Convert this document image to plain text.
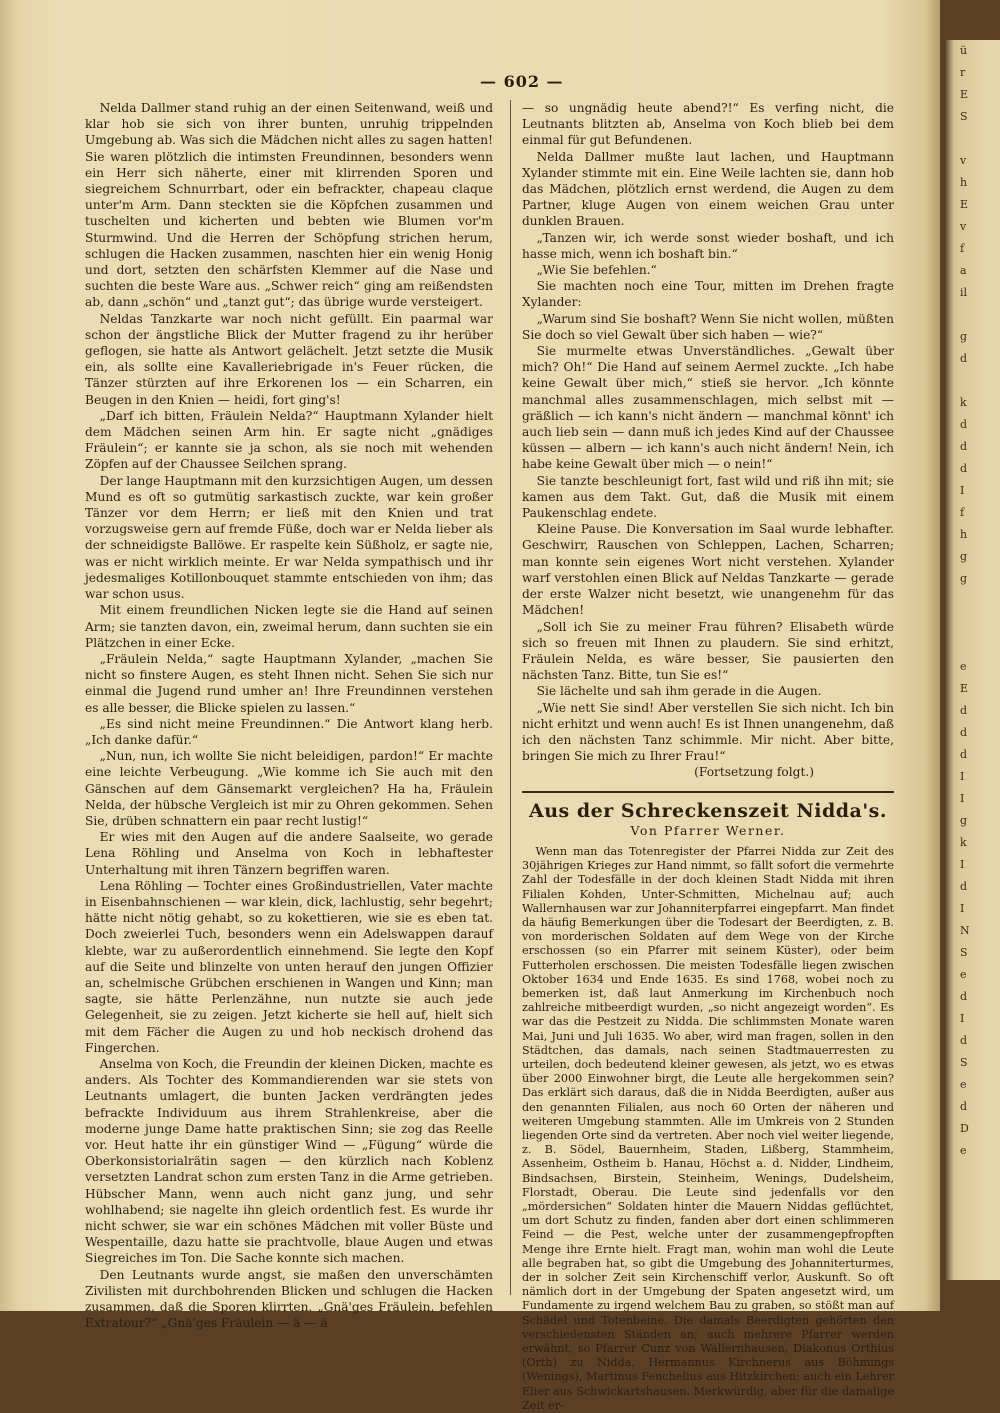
— 602 —

Nelda Dallmer stand ruhig an der einen Seitenwand, weiß und klar hob sie sich von ihrer bunten, unruhig trippelnden Umgebung ab. Was sich die Mädchen nicht alles zu sagen hatten! Sie waren plötzlich die intimsten Freundinnen, besonders wenn ein Herr sich näherte, einer mit klirrenden Sporen und siegreichem Schnurrbart, oder ein befrackter, chapeau claque unter'm Arm. Dann steckten sie die Köpfchen zusammen und tuschelten und kicherten und bebten wie Blumen vor'm Sturmwind. Und die Herren der Schöpfung strichen herum, schlugen die Hacken zusammen, naschten hier ein wenig Honig und dort, setzten den schärfsten Klemmer auf die Nase und suchten die beste Ware aus. „Schwer reich“ ging am reißendsten ab, dann „schön“ und „tanzt gut“; das übrige wurde versteigert.

Neldas Tanzkarte war noch nicht gefüllt. Ein paarmal war schon der ängstliche Blick der Mutter fragend zu ihr herüber geflogen, sie hatte als Antwort gelächelt. Jetzt setzte die Musik ein, als sollte eine Kavalleriebrigade in's Feuer rücken, die Tänzer stürzten auf ihre Erkorenen los — ein Scharren, ein Beugen in den Knien — heidi, fort ging's!

„Darf ich bitten, Fräulein Nelda?“ Hauptmann Xylander hielt dem Mädchen seinen Arm hin. Er sagte nicht „gnädiges Fräulein“; er kannte sie ja schon, als sie noch mit wehenden Zöpfen auf der Chaussee Seilchen sprang.

Der lange Hauptmann mit den kurzsichtigen Augen, um dessen Mund es oft so gutmütig sarkastisch zuckte, war kein großer Tänzer vor dem Herrn; er ließ mit den Knien und trat vorzugsweise gern auf fremde Füße, doch war er Nelda lieber als der schneidigste Ballöwe. Er raspelte kein Süßholz, er sagte nie, was er nicht wirklich meinte. Er war Nelda sympathisch und ihr jedesmaliges Kotillonbouquet stammte entschieden von ihm; das war schon usus.

Mit einem freundlichen Nicken legte sie die Hand auf seinen Arm; sie tanzten davon, ein, zweimal herum, dann suchten sie ein Plätzchen in einer Ecke.

„Fräulein Nelda,“ sagte Hauptmann Xylander, „machen Sie nicht so finstere Augen, es steht Ihnen nicht. Sehen Sie sich nur einmal die Jugend rund umher an! Ihre Freundinnen verstehen es alle besser, die Blicke spielen zu lassen.“

„Es sind nicht meine Freundinnen.“ Die Antwort klang herb. „Ich danke dafür.“

„Nun, nun, ich wollte Sie nicht beleidigen, pardon!“ Er machte eine leichte Verbeugung. „Wie komme ich Sie auch mit den Gänschen auf dem Gänsemarkt vergleichen? Ha ha, Fräulein Nelda, der hübsche Vergleich ist mir zu Ohren gekommen. Sehen Sie, drüben schnattern ein paar recht lustig!“

Er wies mit den Augen auf die andere Saalseite, wo gerade Lena Röhling und Anselma von Koch in lebhaftester Unterhaltung mit ihren Tänzern begriffen waren.

Lena Röhling — Tochter eines Großindustriellen, Vater machte in Eisenbahnschienen — war klein, dick, lachlustig, sehr begehrt; hätte nicht nötig gehabt, so zu kokettieren, wie sie es eben tat. Doch zweierlei Tuch, besonders wenn ein Adelswappen darauf klebte, war zu außerordentlich einnehmend. Sie legte den Kopf auf die Seite und blinzelte von unten herauf den jungen Offizier an, schelmische Grübchen erschienen in Wangen und Kinn; man sagte, sie hätte Perlenzähne, nun nutzte sie auch jede Gelegenheit, sie zu zeigen. Jetzt kicherte sie hell auf, hielt sich mit dem Fächer die Augen zu und hob neckisch drohend das Fingerchen.

Anselma von Koch, die Freundin der kleinen Dicken, machte es anders. Als Tochter des Kommandierenden war sie stets von Leutnants umlagert, die bunten Jacken verdrängten jedes befrackte Individuum aus ihrem Strahlenkreise, aber die moderne junge Dame hatte praktischen Sinn; sie zog das Reelle vor. Heut hatte ihr ein günstiger Wind — „Fügung“ würde die Oberkonsistorialrätin sagen — den kürzlich nach Koblenz versetzten Landrat schon zum ersten Tanz in die Arme getrieben. Hübscher Mann, wenn auch nicht ganz jung, und sehr wohlhabend; sie nagelte ihn gleich ordentlich fest. Es wurde ihr nicht schwer, sie war ein schönes Mädchen mit voller Büste und Wespentaille, dazu hatte sie prachtvolle, blaue Augen und etwas Siegreiches im Ton. Die Sache konnte sich machen.

Den Leutnants wurde angst, sie maßen den unverschämten Zivilisten mit durchbohrenden Blicken und schlugen die Hacken zusammen, daß die Sporen klirrten. „Gnä'ges Fräulein, befehlen Extratour?“ „Gnä'ges Fräulein — ä — ä

— so ungnädig heute abend?!“ Es verfing nicht, die Leutnants blitzten ab, Anselma von Koch blieb bei dem einmal für gut Befundenen.

Nelda Dallmer mußte laut lachen, und Hauptmann Xylander stimmte mit ein. Eine Weile lachten sie, dann hob das Mädchen, plötzlich ernst werdend, die Augen zu dem Partner, kluge Augen von einem weichen Grau unter dunklen Brauen.

„Tanzen wir, ich werde sonst wieder boshaft, und ich hasse mich, wenn ich boshaft bin.“

„Wie Sie befehlen.“

Sie machten noch eine Tour, mitten im Drehen fragte Xylander:

„Warum sind Sie boshaft? Wenn Sie nicht wollen, müßten Sie doch so viel Gewalt über sich haben — wie?“

Sie murmelte etwas Unverständliches. „Gewalt über mich? Oh!“ Die Hand auf seinem Aermel zuckte. „Ich habe keine Gewalt über mich,“ stieß sie hervor. „Ich könnte manchmal alles zusammenschlagen, mich selbst mit — gräßlich — ich kann's nicht ändern — manchmal könnt' ich auch lieb sein — dann muß ich jedes Kind auf der Chaussee küssen — albern — ich kann's auch nicht ändern! Nein, ich habe keine Gewalt über mich — o nein!“

Sie tanzte beschleunigt fort, fast wild und riß ihn mit; sie kamen aus dem Takt. Gut, daß die Musik mit einem Paukenschlag endete.

Kleine Pause. Die Konversation im Saal wurde lebhafter. Geschwirr, Rauschen von Schleppen, Lachen, Scharren; man konnte sein eigenes Wort nicht verstehen. Xylander warf verstohlen einen Blick auf Neldas Tanzkarte — gerade der erste Walzer nicht besetzt, wie unangenehm für das Mädchen!

„Soll ich Sie zu meiner Frau führen? Elisabeth würde sich so freuen mit Ihnen zu plaudern. Sie sind erhitzt, Fräulein Nelda, es wäre besser, Sie pausierten den nächsten Tanz. Bitte, tun Sie es!“

Sie lächelte und sah ihm gerade in die Augen.

„Wie nett Sie sind! Aber verstellen Sie sich nicht. Ich bin nicht erhitzt und wenn auch! Es ist Ihnen unangenehm, daß ich den nächsten Tanz schimmle. Mir nicht. Aber bitte, bringen Sie mich zu Ihrer Frau!“

(Fortsetzung folgt.)

Aus der Schreckenszeit Nidda's.
Von Pfarrer Werner.

Wenn man das Totenregister der Pfarrei Nidda zur Zeit des 30jährigen Krieges zur Hand nimmt, so fällt sofort die vermehrte Zahl der Todesfälle in der doch kleinen Stadt Nidda mit ihren Filialen Kohden, Unter-Schmitten, Michelnau auf; auch Wallernhausen war zur Johanniterpfarrei eingepfarrt. Man findet da häufig Bemerkungen über die Todesart der Beerdigten, z. B. von morderischen Soldaten auf dem Wege von der Kirche erschossen (so ein Pfarrer mit seinem Küster), oder beim Futterholen erschossen. Die meisten Todesfälle liegen zwischen Oktober 1634 und Ende 1635. Es sind 1768, wobei noch zu bemerken ist, daß laut Anmerkung im Kirchenbuch noch zahlreiche mitbeerdigt wurden, „so nicht angezeigt worden“. Es war das die Pestzeit zu Nidda. Die schlimmsten Monate waren Mai, Juni und Juli 1635. Wo aber, wird man fragen, sollen in den Städtchen, das damals, nach seinen Stadtmauerresten zu urteilen, doch bedeutend kleiner gewesen, als jetzt, wo es etwas über 2000 Einwohner birgt, die Leute alle hergekommen sein? Das erklärt sich daraus, daß die in Nidda Beerdigten, außer aus den genannten Filialen, aus noch 60 Orten der näheren und weiteren Umgebung stammten. Alle im Umkreis von 2 Stunden liegenden Orte sind da vertreten. Aber noch viel weiter liegende, z. B. Södel, Bauernheim, Staden, Lißberg, Stammheim, Assenheim, Ostheim b. Hanau, Höchst a. d. Nidder, Lindheim, Bindsachsen, Birstein, Steinheim, Wenings, Dudelsheim, Florstadt, Oberau. Die Leute sind jedenfalls vor den „mördersichen“ Soldaten hinter die Mauern Niddas geflüchtet, um dort Schutz zu finden, fanden aber dort einen schlimmeren Feind — die Pest, welche unter der zusammengepfropften Menge ihre Ernte hielt. Fragt man, wohin man wohl die Leute alle begraben hat, so gibt die Umgebung des Johanniterturmes, der in solcher Zeit sein Kirchenschiff verlor, Auskunft. So oft nämlich dort in der Umgebung der Spaten angesetzt wird, um Fundamente zu irgend welchem Bau zu graben, so stößt man auf Schädel und Totenbeine. Die damals Beerdigten gehörten den verschiedensten Ständen an; auch mehrere Pfarrer werden erwähnt, so Pfarrer Cunz von Wallernhausen, Diakonus Orthius (Orth) zu Nidda, Hermannus Kirchnerus aus Böhmings (Wenings), Martinus Fenchelius aus Hitzkirchen; auch ein Lehrer Elier aus Schwickartshausen. Merkwürdig, aber für die damalige Zeit er-

ü
r
E
S

v
h
E
v
f
a
il

g
d

k
d
d
d
I
f
h
g
g

e
E
d
d
d
I
I
g
k
I
d
I
N
S
e
d
I
d
S
e
d
D
e
